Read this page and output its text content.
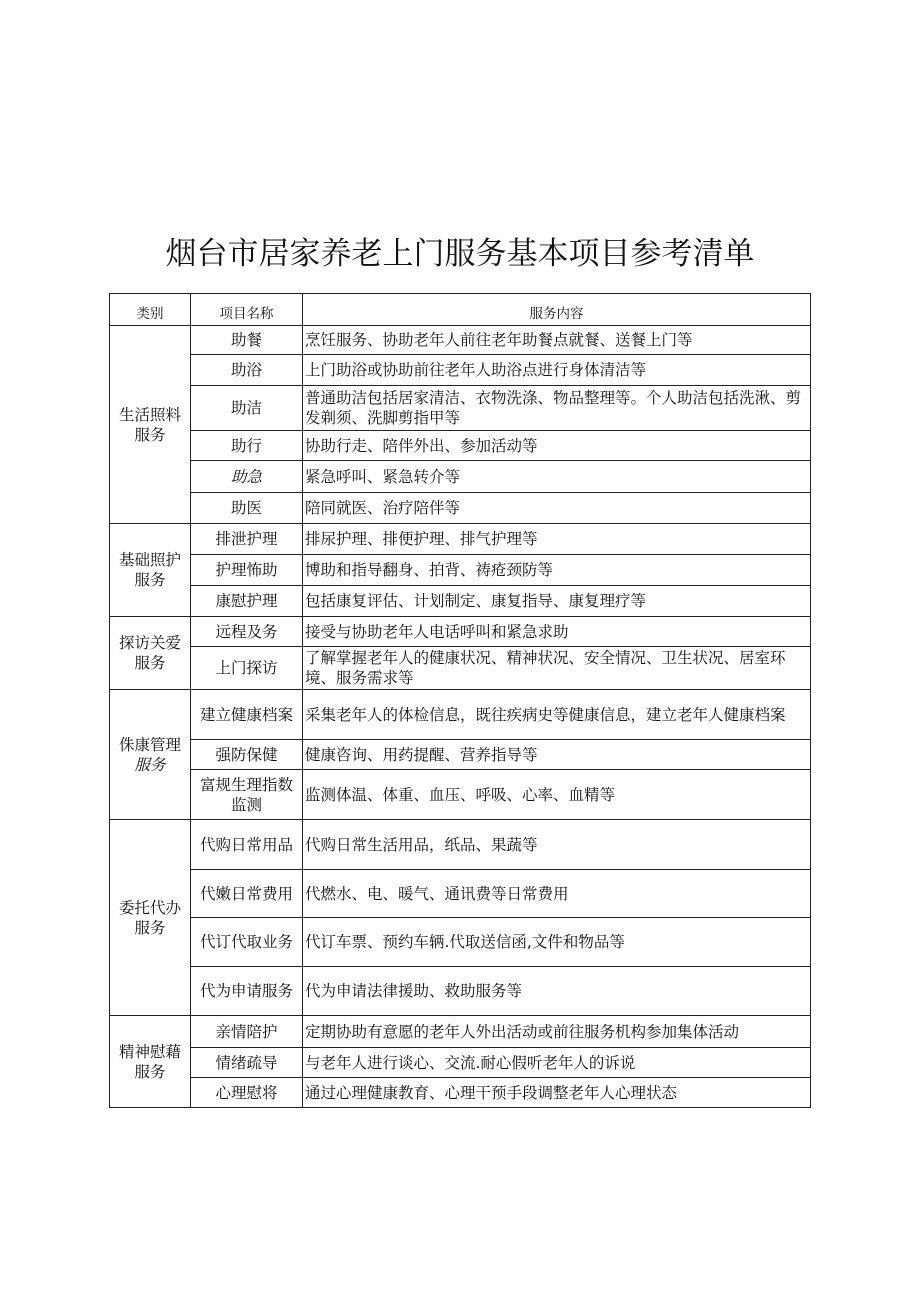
烟台市居家养老上门服务基本项目参考清单
类别	项目名称	服务内容

生活照料
服务	助餐	烹饪服务、协助老年人前往老年助餐点就餐、送餐上门等
	助浴	上门助浴或协助前往老年人助浴点进行身体清洁等
	助洁	普通助洁包括居家清洁、衣物洗涤、物品整理等。个人助洁包括洗湫、剪发剃须、洗脚剪指甲等
	助行	协助行走、陪伴外出、参加活动等
	助急	紧急呼叫、紧急转介等
	助医	陪同就医、治疗陪伴等

基础照护
服务	排泄护理	排尿护理、排便护理、排气护理等
	护理怖助	博助和指导翻身、拍背、祷疮颈防等
	康慰护理	包括康复评估、计划制定、康复指导、康复理疗等

探访关爱
服务	远程及务	接受与协助老年人电话呼叫和紧急求助
	上门探访	了解掌握老年人的健康状况、精神状况、安全情况、卫生状况、居室环境、服务需求等

侏康管理
服务	建立健康档案	采集老年人的体检信息，既往疾病史等健康信息，建立老年人健康档案
	强防保健	健康咨询、用药提醒、营养指导等
	富规生理指数监测	监测体温、体重、血压、呼吸、心率、血精等

委托代办
服务	代购日常用品	代购日常生活用品，纸品、果蔬等
	代嫩日常费用	代燃水、电、暖气、通讯费等日常费用
	代订代取业务	代订车票、预约车辆.代取送信函,文件和物品等
	代为申请服务	代为申请法律援助、救助服务等

精神慰藉
服务	亲情陪护	定期协助有意愿的老年人外出活动或前往服务机构参加集体活动
	情绪疏导	与老年人进行谈心、交流.耐心假听老年人的诉说
	心理慰将	通过心理健康教育、心理干预手段调整老年人心理状态
